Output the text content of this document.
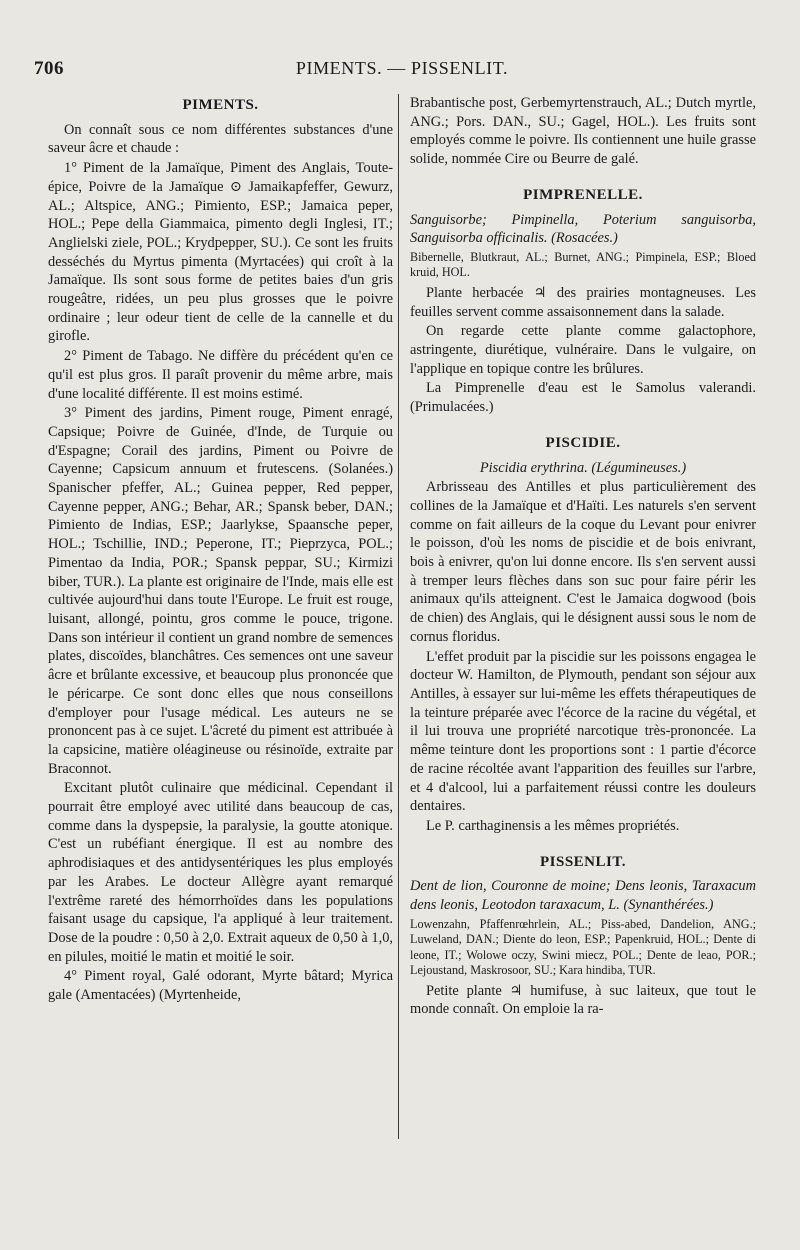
706	PIMENTS. — PISSENLIT.
PIMENTS.

On connaît sous ce nom différentes substances d'une saveur âcre et chaude :

1° Piment de la Jamaïque, Piment des Anglais, Toute-épice, Poivre de la Jamaïque ⊙ Jamaikapfeffer, Gewurz, AL.; Altspice, ANG.; Pimiento, ESP.; Jamaica peper, HOL.; Pepe della Giammaica, pimento degli Inglesi, IT.; Anglielski ziele, POL.; Krydpepper, SU.). Ce sont les fruits desséchés du Myrtus pimenta (Myrtacées) qui croît à la Jamaïque. Ils sont sous forme de petites baies d'un gris rougeâtre, ridées, un peu plus grosses que le poivre ordinaire ; leur odeur tient de celle de la cannelle et du girofle.

2° Piment de Tabago. Ne diffère du précédent qu'en ce qu'il est plus gros. Il paraît provenir du même arbre, mais d'une localité différente. Il est moins estimé.

3° Piment des jardins, Piment rouge, Piment enragé, Capsique; Poivre de Guinée, d'Inde, de Turquie ou d'Espagne; Corail des jardins, Piment ou Poivre de Cayenne; Capsicum annuum et frutescens. (Solanées.) Spanischer pfeffer, AL.; Guinea pepper, Red pepper, Cayenne pepper, ANG.; Behar, AR.; Spansk beber, DAN.; Pimiento de Indias, ESP.; Jaarlykse, Spaansche peper, HOL.; Tschillie, IND.; Peperone, IT.; Pieprzyca, POL.; Pimentao da India, POR.; Spansk peppar, SU.; Kirmizi biber, TUR.). La plante est originaire de l'Inde, mais elle est cultivée aujourd'hui dans toute l'Europe. Le fruit est rouge, luisant, allongé, pointu, gros comme le pouce, trigone. Dans son intérieur il contient un grand nombre de semences plates, discoïdes, blanchâtres. Ces semences ont une saveur âcre et brûlante excessive, et beaucoup plus prononcée que le péricarpe. Ce sont donc elles que nous conseillons d'employer pour l'usage médical. Les auteurs ne se prononcent pas à ce sujet. L'âcreté du piment est attribuée à la capsicine, matière oléagineuse ou résinoïde, extraite par Braconnot.

Excitant plutôt culinaire que médicinal. Cependant il pourrait être employé avec utilité dans beaucoup de cas, comme dans la dyspepsie, la paralysie, la goutte atonique. C'est un rubéfiant énergique. Il est au nombre des aphrodisiaques et des antidysentériques les plus employés par les Arabes. Le docteur Allègre ayant remarqué l'extrême rareté des hémorrhoïdes dans les populations faisant usage du capsique, l'a appliqué à leur traitement. Dose de la poudre : 0,50 à 2,0. Extrait aqueux de 0,50 à 1,0, en pilules, moitié le matin et moitié le soir.

4° Piment royal, Galé odorant, Myrte bâtard; Myrica gale (Amentacées) (Myrtenheide,

Brabantische post, Gerbemyrtenstrauch, AL.; Dutch myrtle, ANG.; Pors. DAN., SU.; Gagel, HOL.). Les fruits sont employés comme le poivre. Ils contiennent une huile grasse solide, nommée Cire ou Beurre de galé.

PIMPRENELLE.

Sanguisorbe; Pimpinella, Poterium sanguisorba, Sanguisorba officinalis. (Rosacées.)

Bibernelle, Blutkraut, AL.; Burnet, ANG.; Pimpinela, ESP.; Bloed kruid, HOL.

Plante herbacée ♃ des prairies montagneuses. Les feuilles servent comme assaisonnement dans la salade.

On regarde cette plante comme galactophore, astringente, diurétique, vulnéraire. Dans le vulgaire, on l'applique en topique contre les brûlures.

La Pimprenelle d'eau est le Samolus valerandi. (Primulacées.)

PISCIDIE.

Piscidia erythrina. (Légumineuses.)

Arbrisseau des Antilles et plus particulièrement des collines de la Jamaïque et d'Haïti. Les naturels s'en servent comme on fait ailleurs de la coque du Levant pour enivrer le poisson, d'où les noms de piscidie et de bois enivrant, bois à enivrer, qu'on lui donne encore. Ils s'en servent aussi à tremper leurs flèches dans son suc pour faire périr les animaux qu'ils atteignent. C'est le Jamaica dogwood (bois de chien) des Anglais, qui le désignent aussi sous le nom de cornus floridus.

L'effet produit par la piscidie sur les poissons engagea le docteur W. Hamilton, de Plymouth, pendant son séjour aux Antilles, à essayer sur lui-même les effets thérapeutiques de la teinture préparée avec l'écorce de la racine du végétal, et il lui trouva une propriété narcotique très-prononcée. La même teinture dont les proportions sont : 1 partie d'écorce de racine récoltée avant l'apparition des feuilles sur l'arbre, et 4 d'alcool, lui a parfaitement réussi contre les douleurs dentaires.

Le P. carthaginensis a les mêmes propriétés.

PISSENLIT.

Dent de lion, Couronne de moine; Dens leonis, Taraxacum dens leonis, Leotodon taraxacum, L. (Synanthérées.)

Lowenzahn, Pfaffenrœhrlein, AL.; Piss-abed, Dandelion, ANG.; Luweland, DAN.; Diente do leon, ESP.; Papenkruid, HOL.; Dente di leone, IT.; Wolowe oczy, Swini miecz, POL.; Dente de leao, POR.; Lejoustand, Maskrosoor, SU.; Kara hindiba, TUR.

Petite plante ♃ humifuse, à suc laiteux, que tout le monde connaît. On emploie la ra-
